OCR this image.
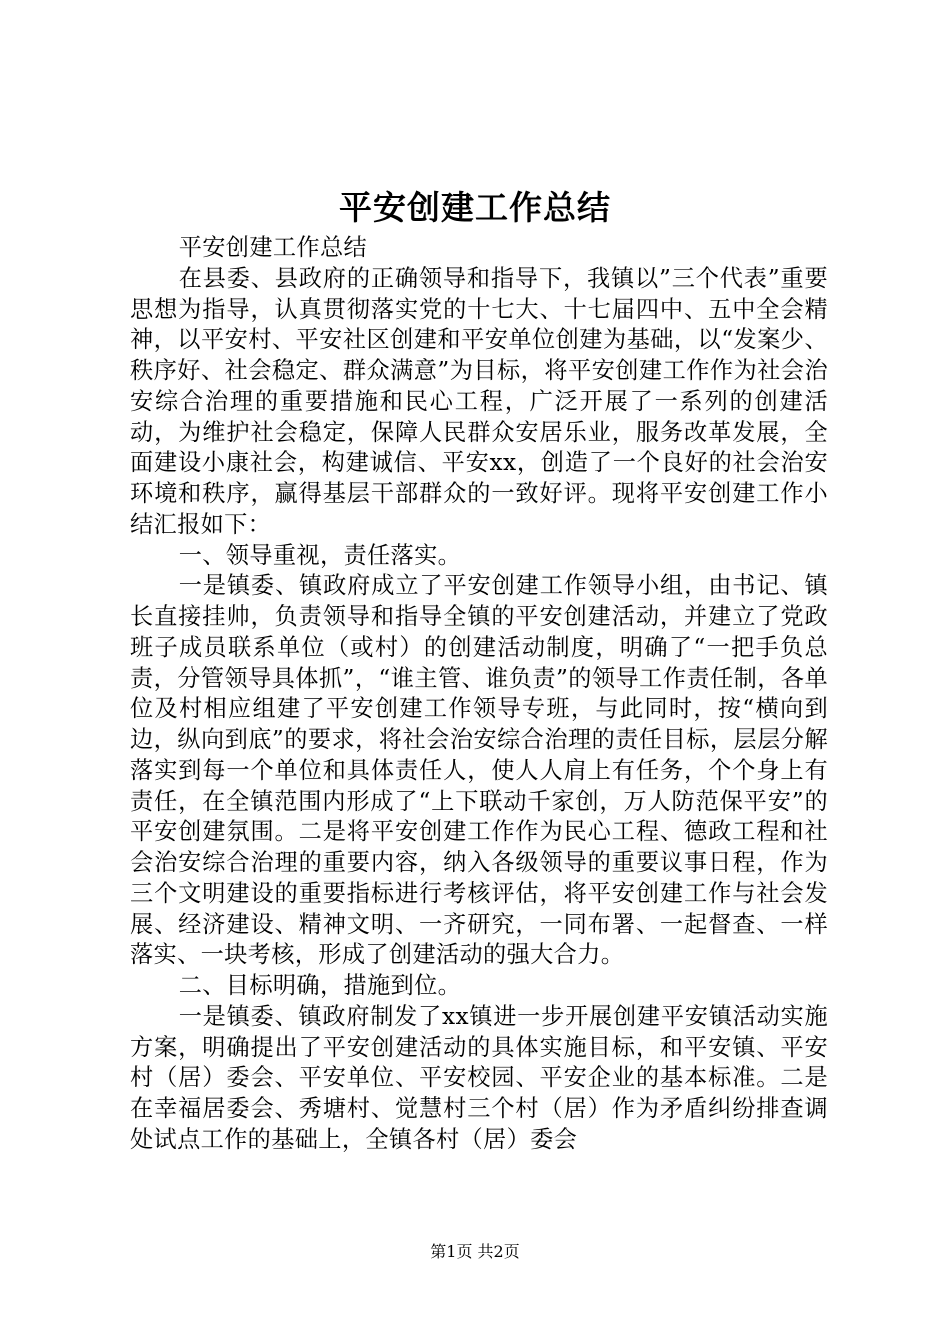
平安创建工作总结

平安创建工作总结

在县委、县政府的正确领导和指导下，我镇以”三个代表”重要思想为指导，认真贯彻落实党的十七大、十七届四中、五中全会精神，以平安村、平安社区创建和平安单位创建为基础，以“发案少、秩序好、社会稳定、群众满意”为目标，将平安创建工作作为社会治安综合治理的重要措施和民心工程，广泛开展了一系列的创建活动，为维护社会稳定，保障人民群众安居乐业，服务改革发展，全面建设小康社会，构建诚信、平安xx，创造了一个良好的社会治安环境和秩序，赢得基层干部群众的一致好评。现将平安创建工作小结汇报如下：

一、领导重视，责任落实。

一是镇委、镇政府成立了平安创建工作领导小组，由书记、镇长直接挂帅，负责领导和指导全镇的平安创建活动，并建立了党政班子成员联系单位（或村）的创建活动制度，明确了“一把手负总责，分管领导具体抓”，“谁主管、谁负责”的领导工作责任制，各单位及村相应组建了平安创建工作领导专班，与此同时，按“横向到边，纵向到底”的要求，将社会治安综合治理的责任目标，层层分解落实到每一个单位和具体责任人，使人人肩上有任务，个个身上有责任，在全镇范围内形成了“上下联动千家创，万人防范保平安”的平安创建氛围。二是将平安创建工作作为民心工程、德政工程和社会治安综合治理的重要内容，纳入各级领导的重要议事日程，作为三个文明建设的重要指标进行考核评估，将平安创建工作与社会发展、经济建设、精神文明、一齐研究，一同布署、一起督查、一样落实、一块考核，形成了创建活动的强大合力。

二、目标明确，措施到位。

一是镇委、镇政府制发了xx镇进一步开展创建平安镇活动实施方案，明确提出了平安创建活动的具体实施目标，和平安镇、平安村（居）委会、平安单位、平安校园、平安企业的基本标准。二是在幸福居委会、秀塘村、觉慧村三个村（居）作为矛盾纠纷排查调处试点工作的基础上，全镇各村（居）委会

第1页 共2页
